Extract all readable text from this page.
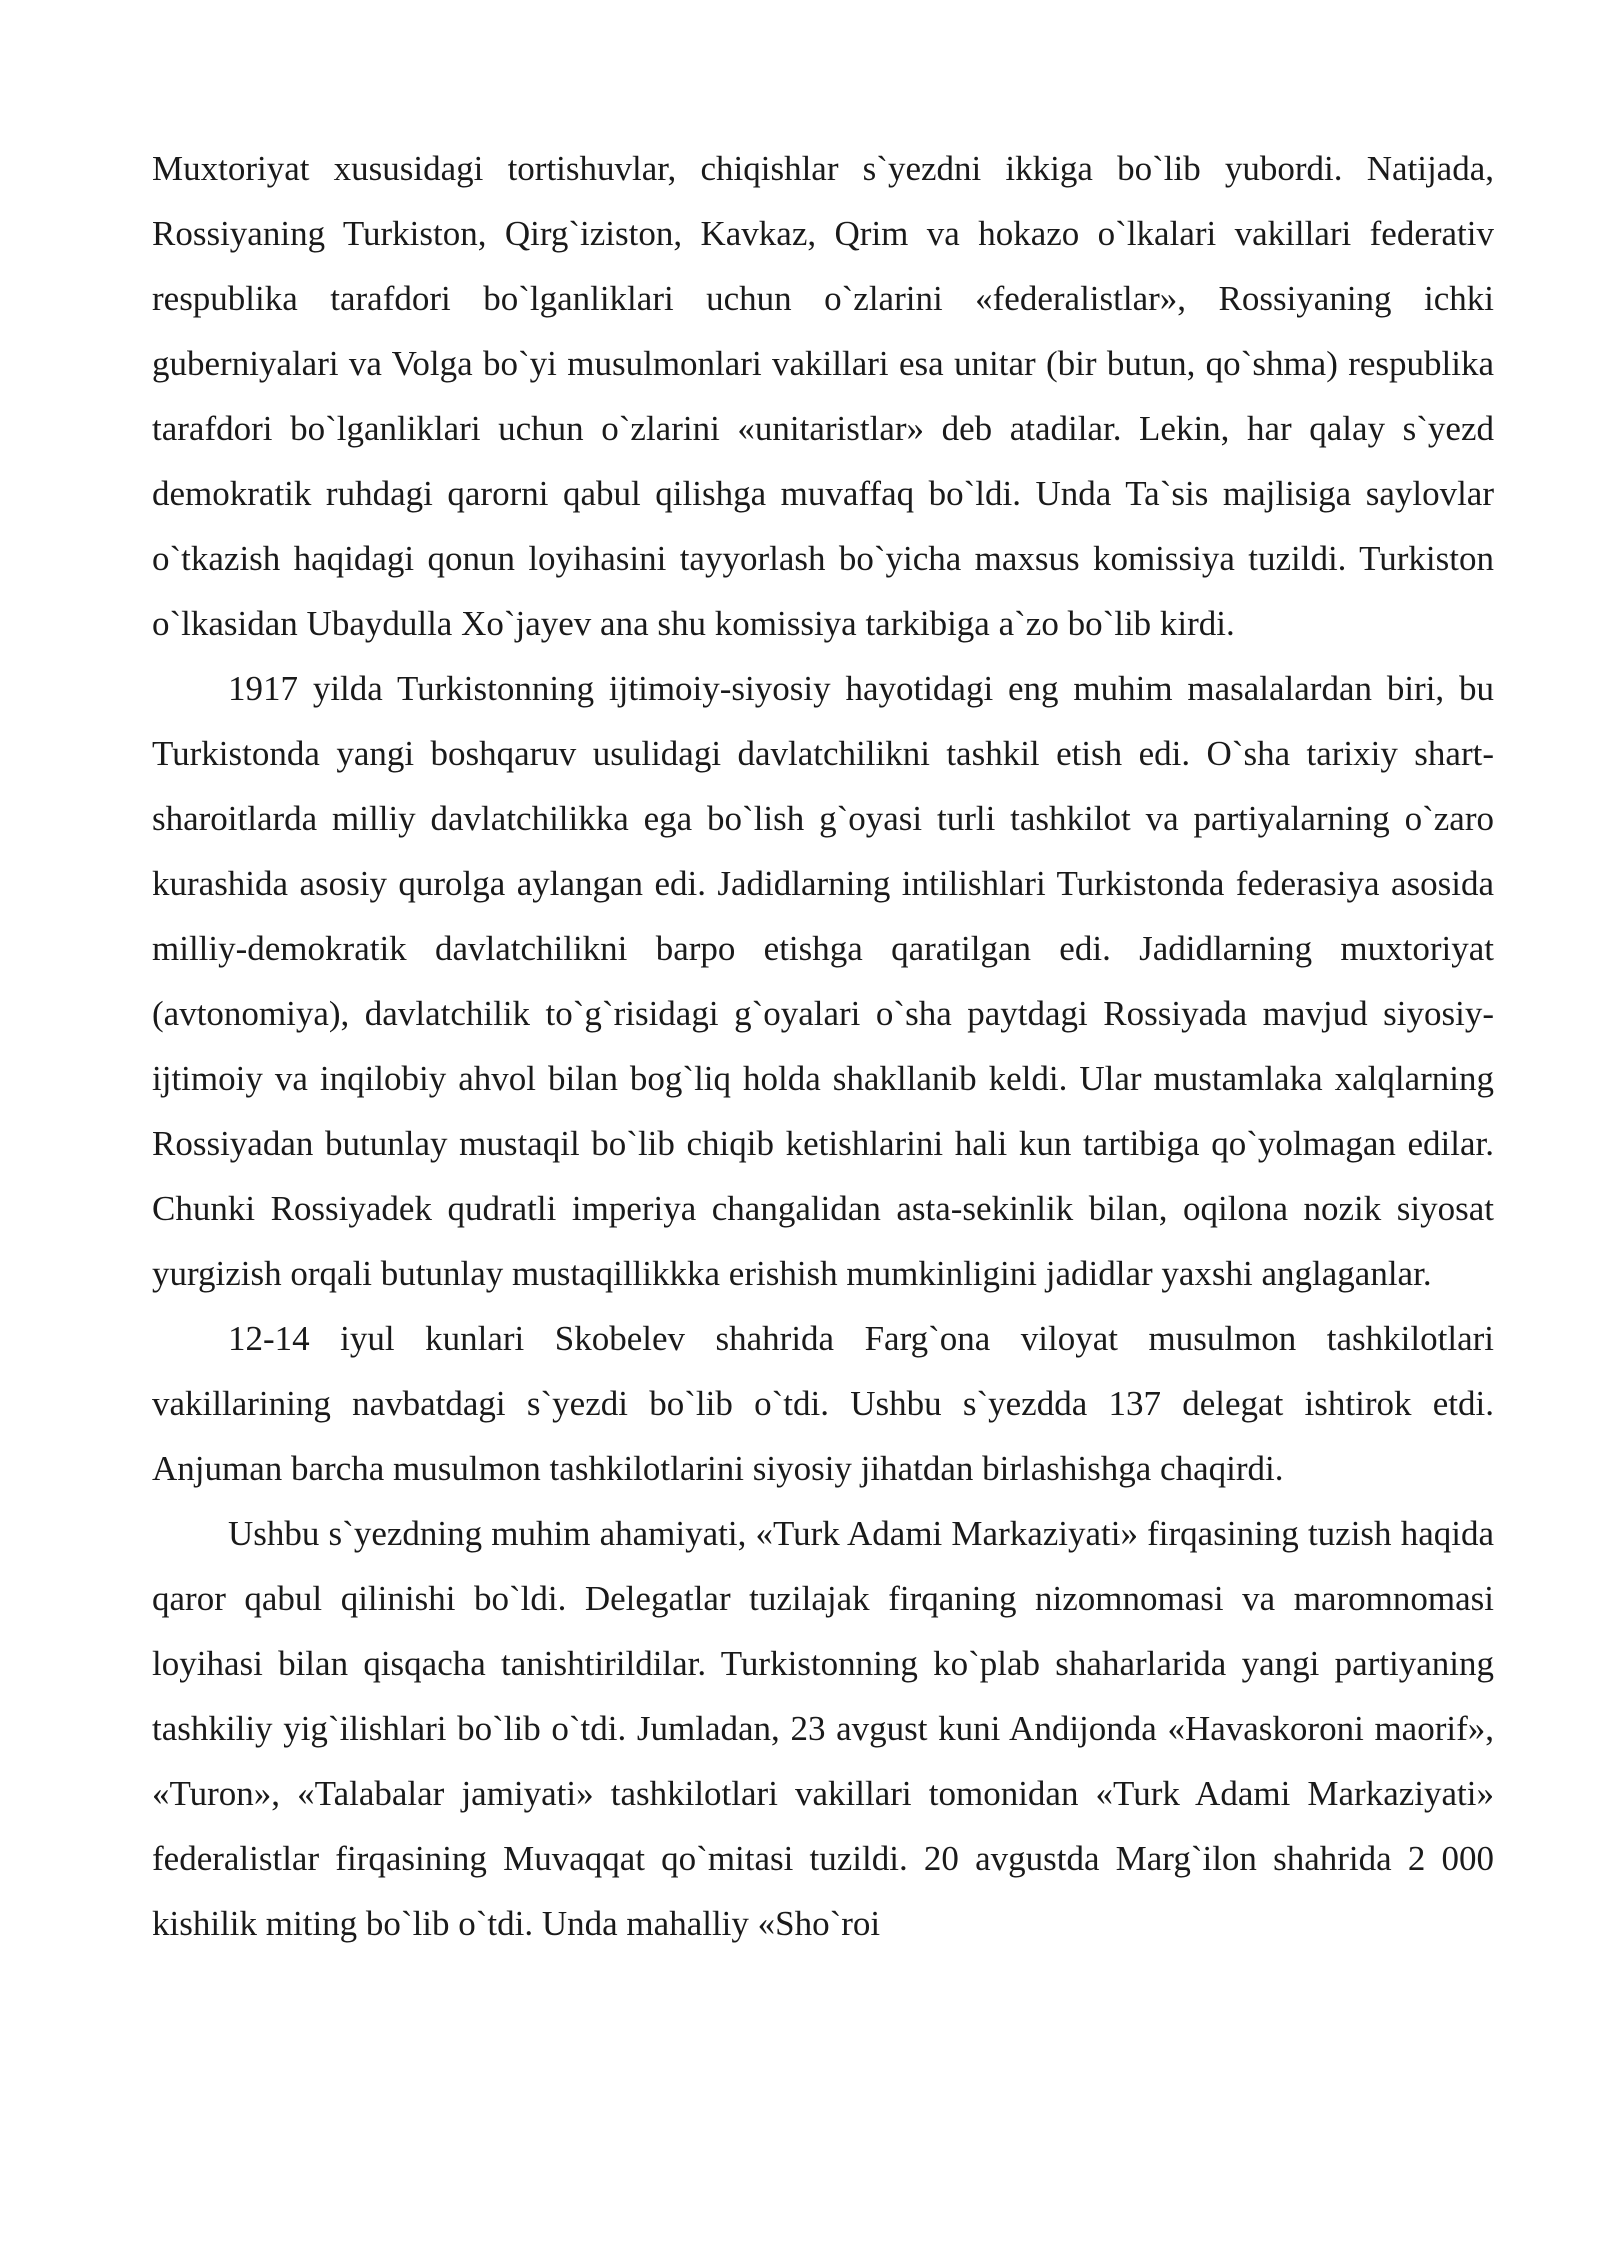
Muxtoriyat xususidagi tortishuvlar, chiqishlar s`yezdni ikkiga bo`lib yubordi. Natijada, Rossiyaning Turkiston, Qirg`iziston, Kavkaz, Qrim va hokazo o`lkalari vakillari federativ respublika tarafdori bo`lganliklari uchun o`zlarini «federalistlar», Rossiyaning ichki guberniyalari va Volga bo`yi musulmonlari vakillari esa unitar (bir butun, qo`shma) respublika tarafdori bo`lganliklari uchun o`zlarini «unitaristlar» deb atadilar. Lekin, har qalay s`yezd demokratik ruhdagi qarorni qabul qilishga muvaffaq bo`ldi. Unda Ta`sis majlisiga saylovlar o`tkazish haqidagi qonun loyihasini tayyorlash bo`yicha maxsus komissiya tuzildi. Turkiston o`lkasidan Ubaydulla Xo`jayev ana shu komissiya tarkibiga a`zo bo`lib kirdi.

1917 yilda Turkistonning ijtimoiy-siyosiy hayotidagi eng muhim masalalardan biri, bu Turkistonda yangi boshqaruv usulidagi davlatchilikni tashkil etish edi. O`sha tarixiy shart-sharoitlarda milliy davlatchilikka ega bo`lish g`oyasi turli tashkilot va partiyalarning o`zaro kurashida asosiy qurolga aylangan edi. Jadidlarning intilishlari Turkistonda federasiya asosida milliy-demokratik davlatchilikni barpo etishga qaratilgan edi. Jadidlarning muxtoriyat (avtonomiya), davlatchilik to`g`risidagi g`oyalari o`sha paytdagi Rossiyada mavjud siyosiy-ijtimoiy va inqilobiy ahvol bilan bog`liq holda shakllanib keldi. Ular mustamlaka xalqlarning Rossiyadan butunlay mustaqil bo`lib chiqib ketishlarini hali kun tartibiga qo`yolmagan edilar. Chunki Rossiyadek qudratli imperiya changalidan asta-sekinlik bilan, oqilona nozik siyosat yurgizish orqali butunlay mustaqillikkka erishish mumkinligini jadidlar yaxshi anglaganlar.

12-14 iyul kunlari Skobelev shahrida Farg`ona viloyat musulmon tashkilotlari vakillarining navbatdagi s`yezdi bo`lib o`tdi. Ushbu s`yezdda 137 delegat ishtirok etdi. Anjuman barcha musulmon tashkilotlarini siyosiy jihatdan birlashishga chaqirdi.

Ushbu s`yezdning muhim ahamiyati, «Turk Adami Markaziyati» firqasining tuzish haqida qaror qabul qilinishi bo`ldi. Delegatlar tuzilajak firqaning nizomnomasi va maromnomasi loyihasi bilan qisqacha tanishtirildilar. Turkistonning ko`plab shaharlarida yangi partiyaning tashkiliy yig`ilishlari bo`lib o`tdi. Jumladan, 23 avgust kuni Andijonda «Havaskoroni maorif», «Turon», «Talabalar jamiyati» tashkilotlari vakillari tomonidan «Turk Adami Markaziyati» federalistlar firqasining Muvaqqat qo`mitasi tuzildi. 20 avgustda Marg`ilon shahrida 2 000 kishilik miting bo`lib o`tdi. Unda mahalliy «Sho`roi
